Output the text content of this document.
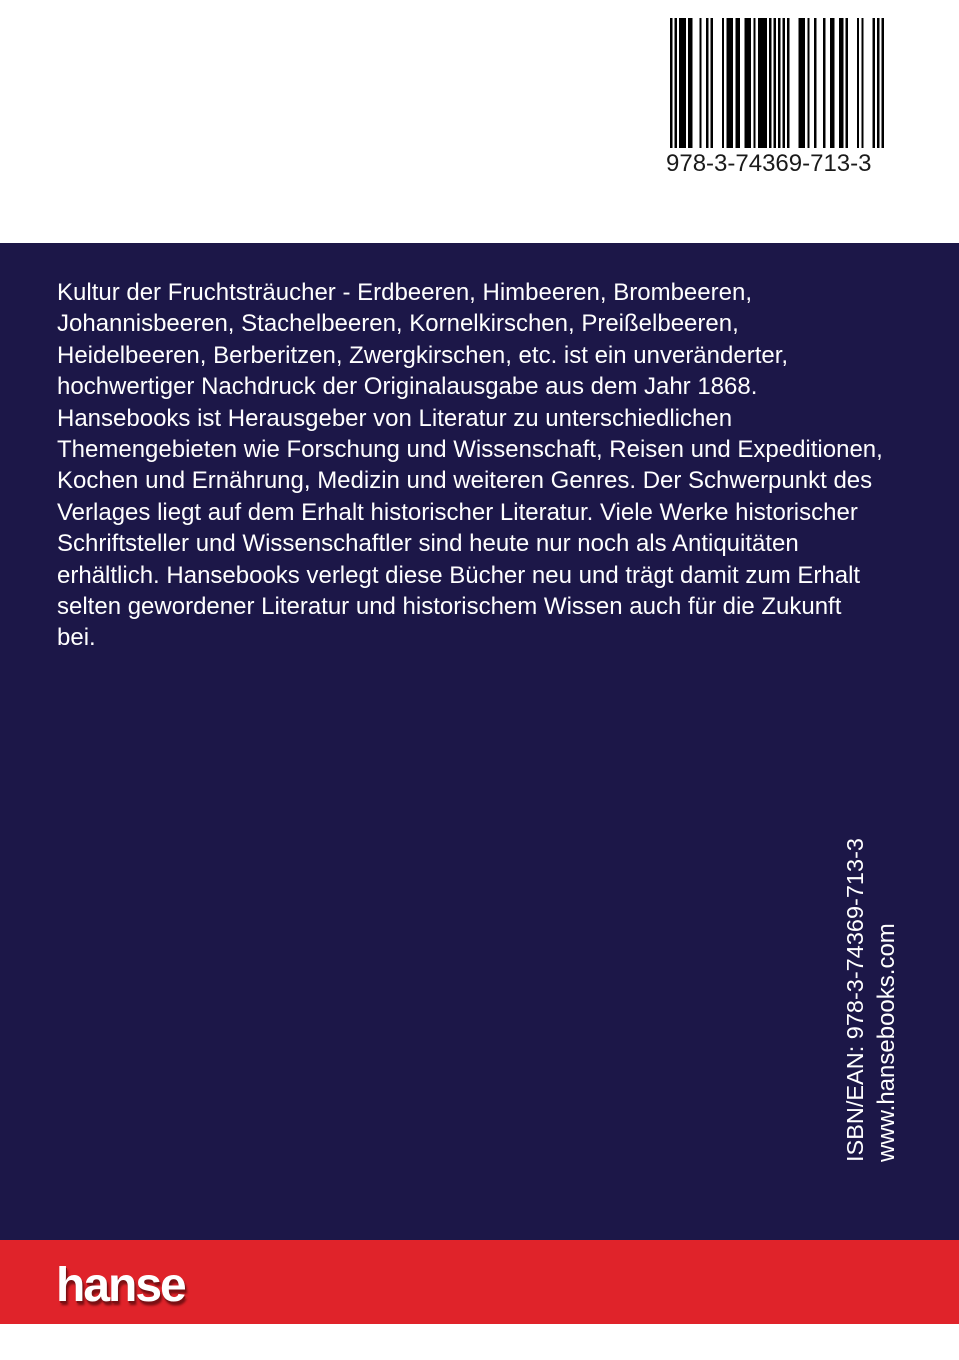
978-3-74369-713-3
Kultur der Fruchtsträucher - Erdbeeren, Himbeeren, Brombeeren,
Johannisbeeren, Stachelbeeren, Kornelkirschen, Preißelbeeren,
Heidelbeeren, Berberitzen, Zwergkirschen, etc. ist ein unveränderter,
hochwertiger Nachdruck der Originalausgabe aus dem Jahr 1868.
Hansebooks ist Herausgeber von Literatur zu unterschiedlichen
Themengebieten wie Forschung und Wissenschaft, Reisen und Expeditionen,
Kochen und Ernährung, Medizin und weiteren Genres. Der Schwerpunkt des
Verlages liegt auf dem Erhalt historischer Literatur. Viele Werke historischer
Schriftsteller und Wissenschaftler sind heute nur noch als Antiquitäten
erhältlich. Hansebooks verlegt diese Bücher neu und trägt damit zum Erhalt
selten gewordener Literatur und historischem Wissen auch für die Zukunft
bei.
ISBN/EAN: 978-3-74369-713-3 www.hansebooks.com
hanse
